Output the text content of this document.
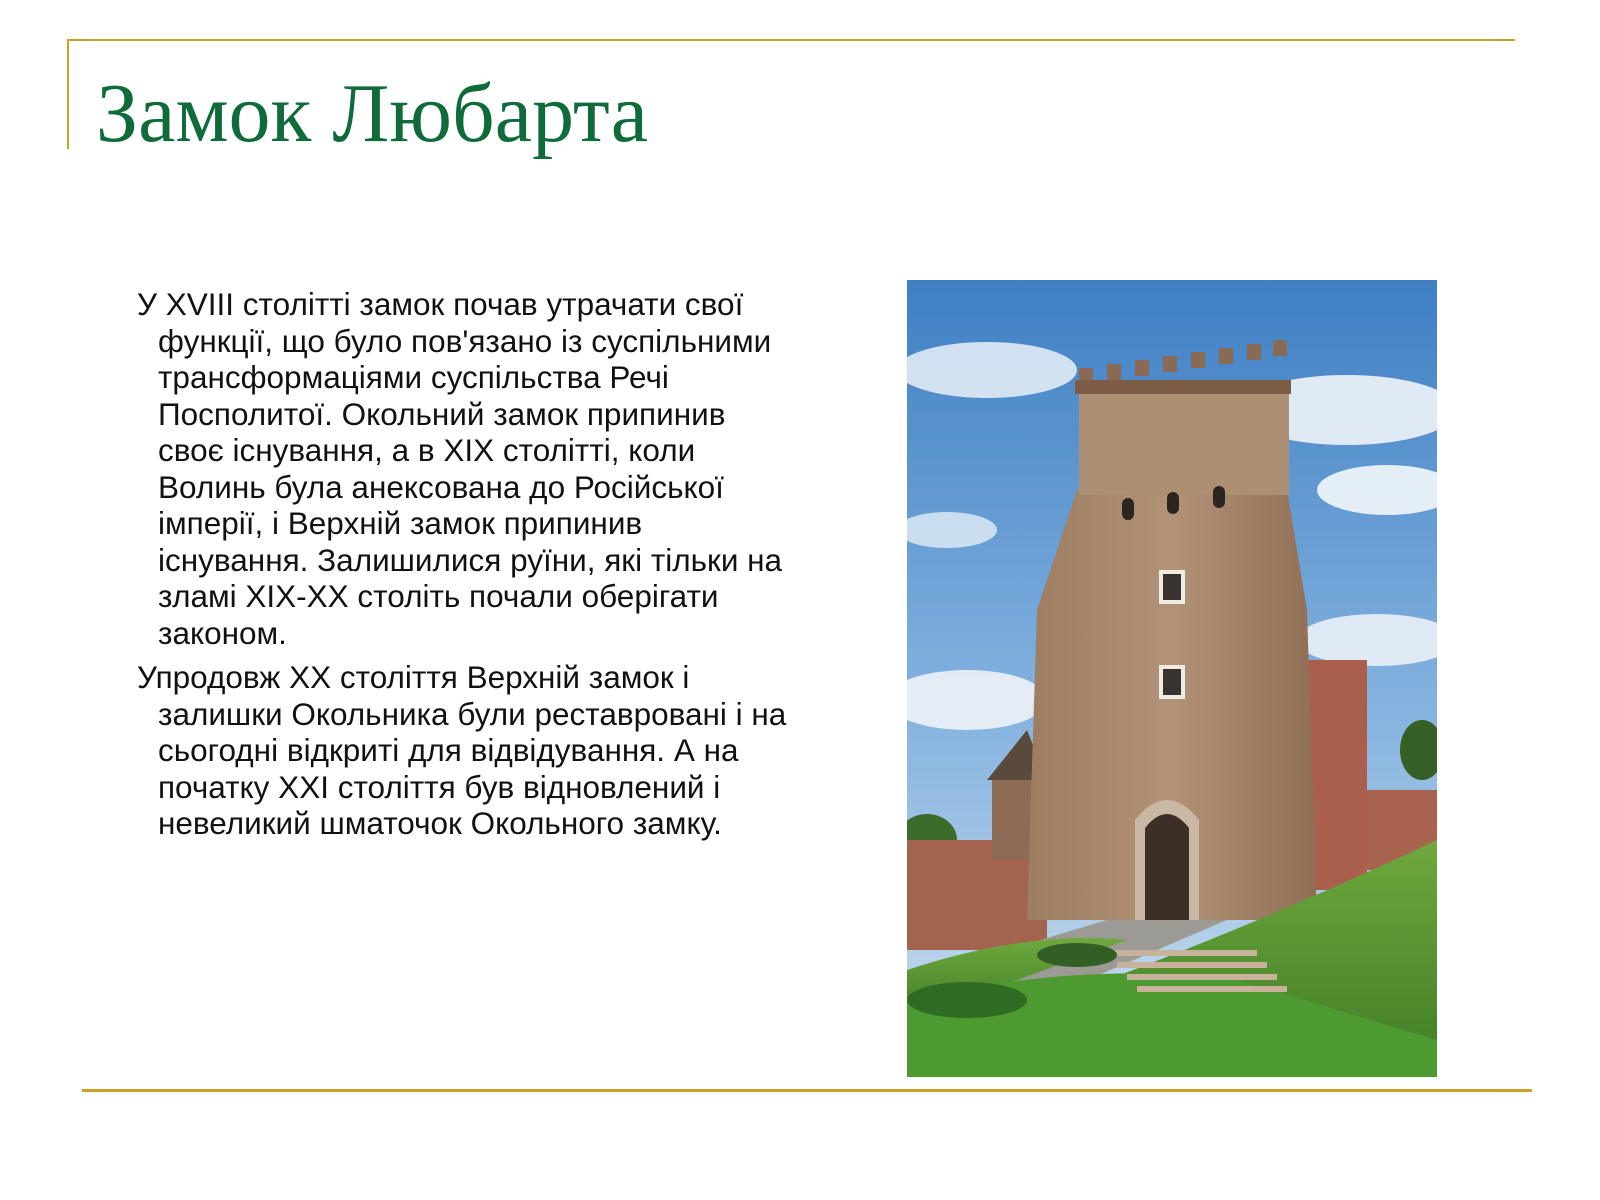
Замок Любарта
У XVIII столітті замок почав утрачати свої функції, що було пов'язано із суспільними трансформаціями суспільства Речі Посполитої. Окольний замок припинив своє існування, а в XIX столітті, коли Волинь була анексована до Російської імперії, і Верхній замок припинив існування. Залишилися руїни, які тільки на зламі XIX-XX століть почали оберігати законом.
Упродовж XX століття Верхній замок і залишки Окольника були реставровані і на сьогодні відкриті для відвідування. А на початку XXI століття був відновлений і невеликий шматочок Окольного замку.
